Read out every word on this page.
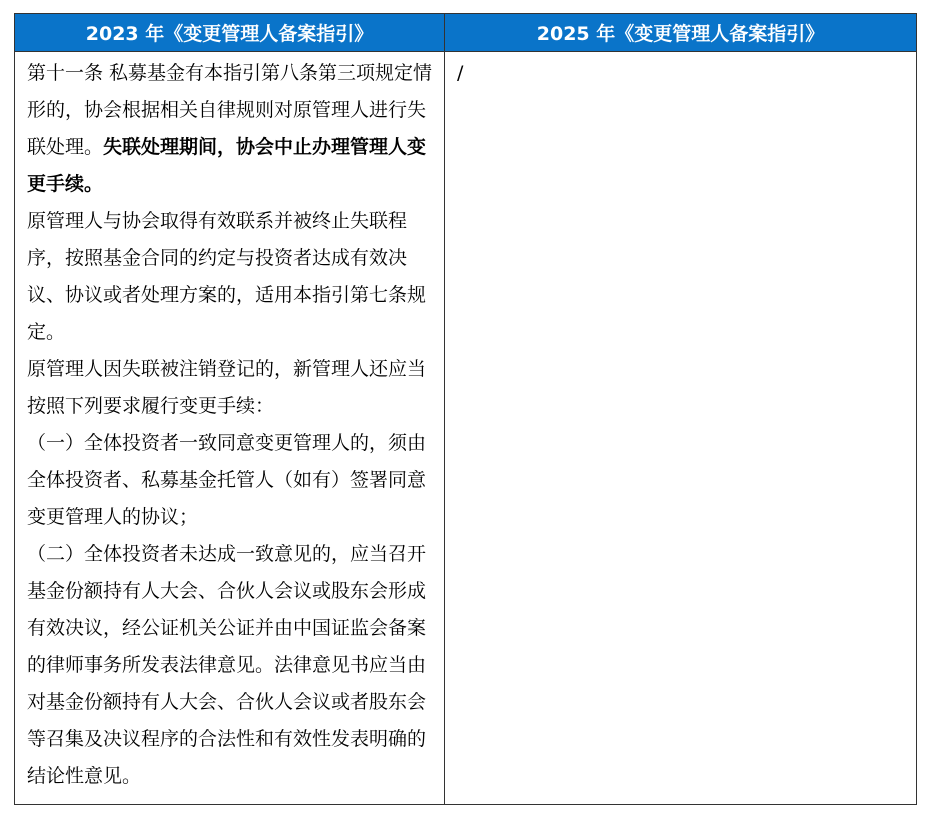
2023 年《变更管理人备案指引》	2025 年《变更管理人备案指引》

第十一条 私募基金有本指引第八条第三项规定情形的，协会根据相关自律规则对原管理人进行失联处理。失联处理期间，协会中止办理管理人变更手续。

原管理人与协会取得有效联系并被终止失联程序，按照基金合同的约定与投资者达成有效决议、协议或者处理方案的，适用本指引第七条规定。

原管理人因失联被注销登记的，新管理人还应当按照下列要求履行变更手续：

（一）全体投资者一致同意变更管理人的，须由全体投资者、私募基金托管人（如有）签署同意变更管理人的协议；

（二）全体投资者未达成一致意见的，应当召开基金份额持有人大会、合伙人会议或股东会形成有效决议，经公证机关公证并由中国证监会备案的律师事务所发表法律意见。法律意见书应当由对基金份额持有人大会、合伙人会议或者股东会等召集及决议程序的合法性和有效性发表明确的结论性意见。	/
